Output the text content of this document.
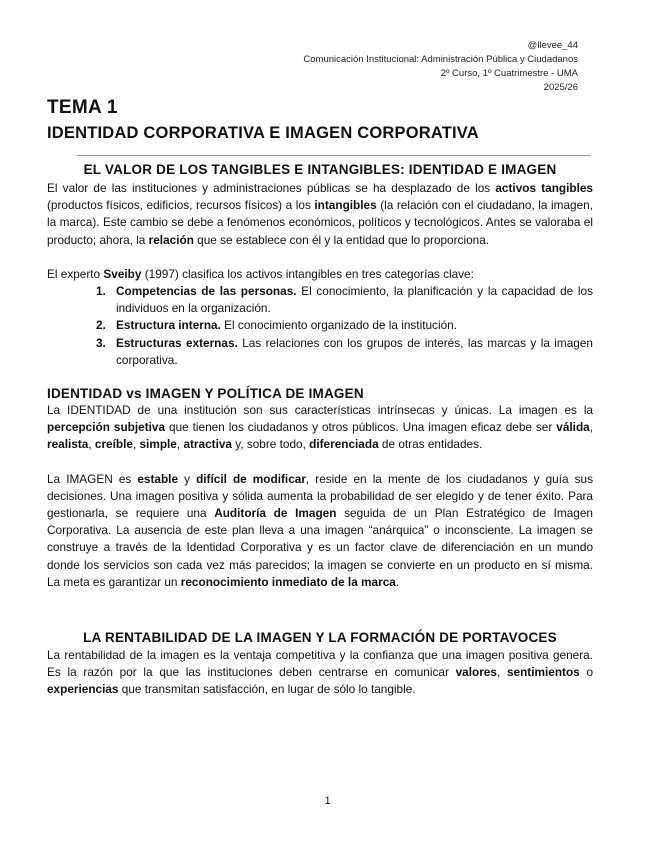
@llevee_44
Comunicación Institucional: Administración Pública y Ciudadanos
2º Curso, 1º Cuatrimestre - UMA
2025/26
TEMA 1
IDENTIDAD CORPORATIVA E IMAGEN CORPORATIVA
EL VALOR DE LOS TANGIBLES E INTANGIBLES: IDENTIDAD E IMAGEN

El valor de las instituciones y administraciones públicas se ha desplazado de los activos tangibles (productos físicos, edificios, recursos físicos) a los intangibles (la relación con el ciudadano, la imagen, la marca). Este cambio se debe a fenómenos económicos, políticos y tecnológicos. Antes se valoraba el producto; ahora, la relación que se establece con él y la entidad que lo proporciona.

El experto Sveiby (1997) clasifica los activos intangibles en tres categorías clave:

1. Competencias de las personas. El conocimiento, la planificación y la capacidad de los individuos en la organización.
2. Estructura interna. El conocimiento organizado de la institución.
3. Estructuras externas. Las relaciones con los grupos de interés, las marcas y la imagen corporativa.
IDENTIDAD vs IMAGEN Y POLÍTICA DE IMAGEN

La IDENTIDAD de una institución son sus características intrínsecas y únicas. La imagen es la percepción subjetiva que tienen los ciudadanos y otros públicos. Una imagen eficaz debe ser válida, realista, creíble, simple, atractiva y, sobre todo, diferenciada de otras entidades.

La IMAGEN es estable y difícil de modificar, reside en la mente de los ciudadanos y guía sus decisiones. Una imagen positiva y sólida aumenta la probabilidad de ser elegido y de tener éxito. Para gestionarla, se requiere una Auditoría de Imagen seguida de un Plan Estratégico de Imagen Corporativa. La ausencia de este plan lleva a una imagen “anárquica” o inconsciente. La imagen se construye a través de la Identidad Corporativa y es un factor clave de diferenciación en un mundo donde los servicios son cada vez más parecidos; la imagen se convierte en un producto en sí misma. La meta es garantizar un reconocimiento inmediato de la marca.

LA RENTABILIDAD DE LA IMAGEN Y LA FORMACIÓN DE PORTAVOCES

La rentabilidad de la imagen es la ventaja competitiva y la confianza que una imagen positiva genera. Es la razón por la que las instituciones deben centrarse en comunicar valores, sentimientos o experiencias que transmitan satisfacción, en lugar de sólo lo tangible.

1
